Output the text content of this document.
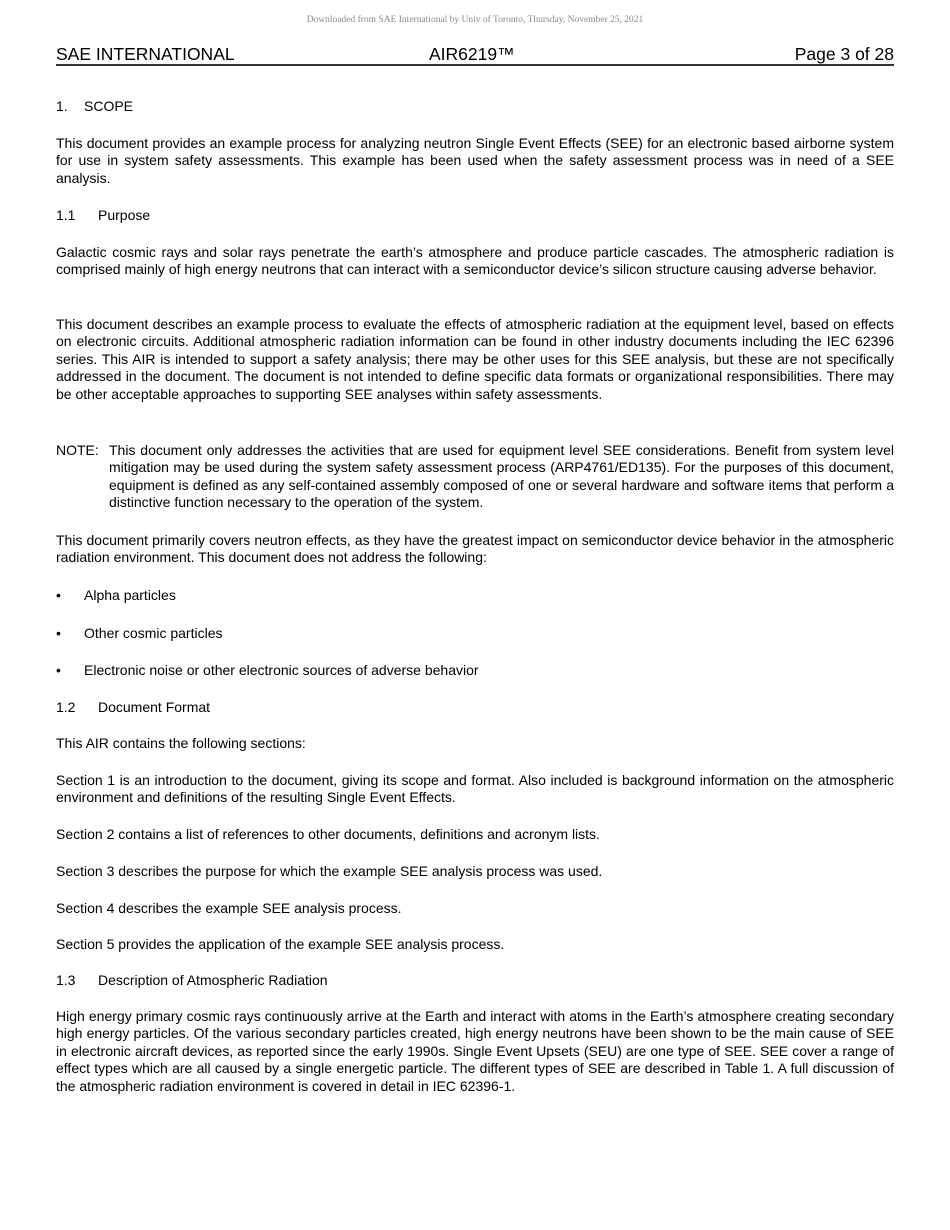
Downloaded from SAE International by Univ of Toronto, Thursday, November 25, 2021
SAE INTERNATIONAL	AIR6219™	Page 3 of 28
1. SCOPE
This document provides an example process for analyzing neutron Single Event Effects (SEE) for an electronic based airborne system for use in system safety assessments. This example has been used when the safety assessment process was in need of a SEE analysis.
1.1 Purpose
Galactic cosmic rays and solar rays penetrate the earth’s atmosphere and produce particle cascades. The atmospheric radiation is comprised mainly of high energy neutrons that can interact with a semiconductor device’s silicon structure causing adverse behavior.
This document describes an example process to evaluate the effects of atmospheric radiation at the equipment level, based on effects on electronic circuits. Additional atmospheric radiation information can be found in other industry documents including the IEC 62396 series. This AIR is intended to support a safety analysis; there may be other uses for this SEE analysis, but these are not specifically addressed in the document. The document is not intended to define specific data formats or organizational responsibilities. There may be other acceptable approaches to supporting SEE analyses within safety assessments.
NOTE: This document only addresses the activities that are used for equipment level SEE considerations. Benefit from system level mitigation may be used during the system safety assessment process (ARP4761/ED135). For the purposes of this document, equipment is defined as any self-contained assembly composed of one or several hardware and software items that perform a distinctive function necessary to the operation of the system.
This document primarily covers neutron effects, as they have the greatest impact on semiconductor device behavior in the atmospheric radiation environment. This document does not address the following:
• Alpha particles
• Other cosmic particles
• Electronic noise or other electronic sources of adverse behavior
1.2 Document Format
This AIR contains the following sections:
Section 1 is an introduction to the document, giving its scope and format. Also included is background information on the atmospheric environment and definitions of the resulting Single Event Effects.
Section 2 contains a list of references to other documents, definitions and acronym lists.
Section 3 describes the purpose for which the example SEE analysis process was used.
Section 4 describes the example SEE analysis process.
Section 5 provides the application of the example SEE analysis process.
1.3 Description of Atmospheric Radiation
High energy primary cosmic rays continuously arrive at the Earth and interact with atoms in the Earth’s atmosphere creating secondary high energy particles. Of the various secondary particles created, high energy neutrons have been shown to be the main cause of SEE in electronic aircraft devices, as reported since the early 1990s. Single Event Upsets (SEU) are one type of SEE. SEE cover a range of effect types which are all caused by a single energetic particle. The different types of SEE are described in Table 1. A full discussion of the atmospheric radiation environment is covered in detail in IEC 62396-1.
